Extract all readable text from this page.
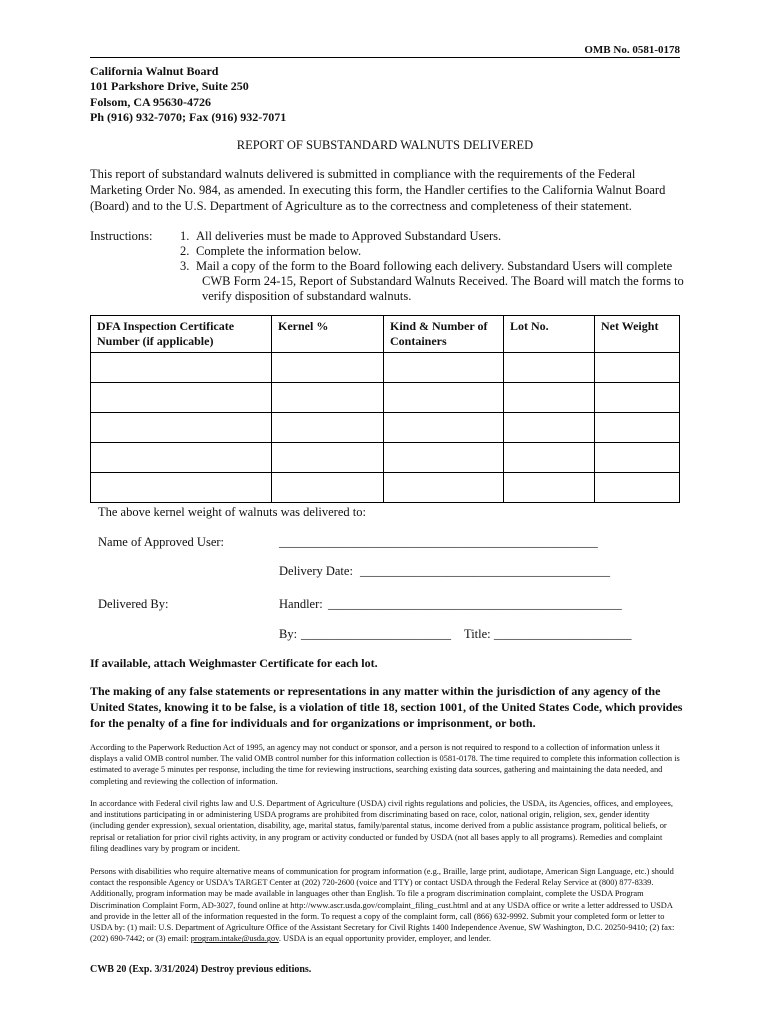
OMB No. 0581-0178
California Walnut Board
101 Parkshore Drive, Suite 250
Folsom, CA 95630-4726
Ph (916) 932-7070; Fax (916) 932-7071
REPORT OF SUBSTANDARD WALNUTS DELIVERED
This report of substandard walnuts delivered is submitted in compliance with the requirements of the Federal Marketing Order No. 984, as amended. In executing this form, the Handler certifies to the California Walnut Board (Board) and to the U.S. Department of Agriculture as to the correctness and completeness of their statement.
Instructions: 1. All deliveries must be made to Approved Substandard Users.
2. Complete the information below.
3. Mail a copy of the form to the Board following each delivery. Substandard Users will complete CWB Form 24-15, Report of Substandard Walnuts Received. The Board will match the forms to verify disposition of substandard walnuts.
DFA Inspection Certificate Number (if applicable)	Kernel %	Kind & Number of Containers	Lot No.	Net Weight

The above kernel weight of walnuts was delivered to:
Name of Approved User:	___________________________________________________
Delivery Date: ________________________________________
Delivered By:	Handler: _______________________________________________
By: ________________________ Title: ______________________
If available, attach Weighmaster Certificate for each lot.
The making of any false statements or representations in any matter within the jurisdiction of any agency of the United States, knowing it to be false, is a violation of title 18, section 1001, of the United States Code, which provides for the penalty of a fine for individuals and for organizations or imprisonment, or both.
According to the Paperwork Reduction Act of 1995, an agency may not conduct or sponsor, and a person is not required to respond to a collection of information unless it displays a valid OMB control number. The valid OMB control number for this information collection is 0581-0178. The time required to complete this information collection is estimated to average 5 minutes per response, including the time for reviewing instructions, searching existing data sources, gathering and maintaining the data needed, and completing and reviewing the collection of information.
In accordance with Federal civil rights law and U.S. Department of Agriculture (USDA) civil rights regulations and policies, the USDA, its Agencies, offices, and employees, and institutions participating in or administering USDA programs are prohibited from discriminating based on race, color, national origin, religion, sex, gender identity (including gender expression), sexual orientation, disability, age, marital status, family/parental status, income derived from a public assistance program, political beliefs, or reprisal or retaliation for prior civil rights activity, in any program or activity conducted or funded by USDA (not all bases apply to all programs). Remedies and complaint filing deadlines vary by program or incident.
Persons with disabilities who require alternative means of communication for program information (e.g., Braille, large print, audiotape, American Sign Language, etc.) should contact the responsible Agency or USDA's TARGET Center at (202) 720-2600 (voice and TTY) or contact USDA through the Federal Relay Service at (800) 877-8339. Additionally, program information may be made available in languages other than English. To file a program discrimination complaint, complete the USDA Program Discrimination Complaint Form, AD-3027, found online at http://www.ascr.usda.gov/complaint_filing_cust.html and at any USDA office or write a letter addressed to USDA and provide in the letter all of the information requested in the form. To request a copy of the complaint form, call (866) 632-9992. Submit your completed form or letter to USDA by: (1) mail: U.S. Department of Agriculture Office of the Assistant Secretary for Civil Rights 1400 Independence Avenue, SW Washington, D.C. 20250-9410; (2) fax: (202) 690-7442; or (3) email: program.intake@usda.gov. USDA is an equal opportunity provider, employer, and lender.
CWB 20 (Exp. 3/31/2024) Destroy previous editions.
